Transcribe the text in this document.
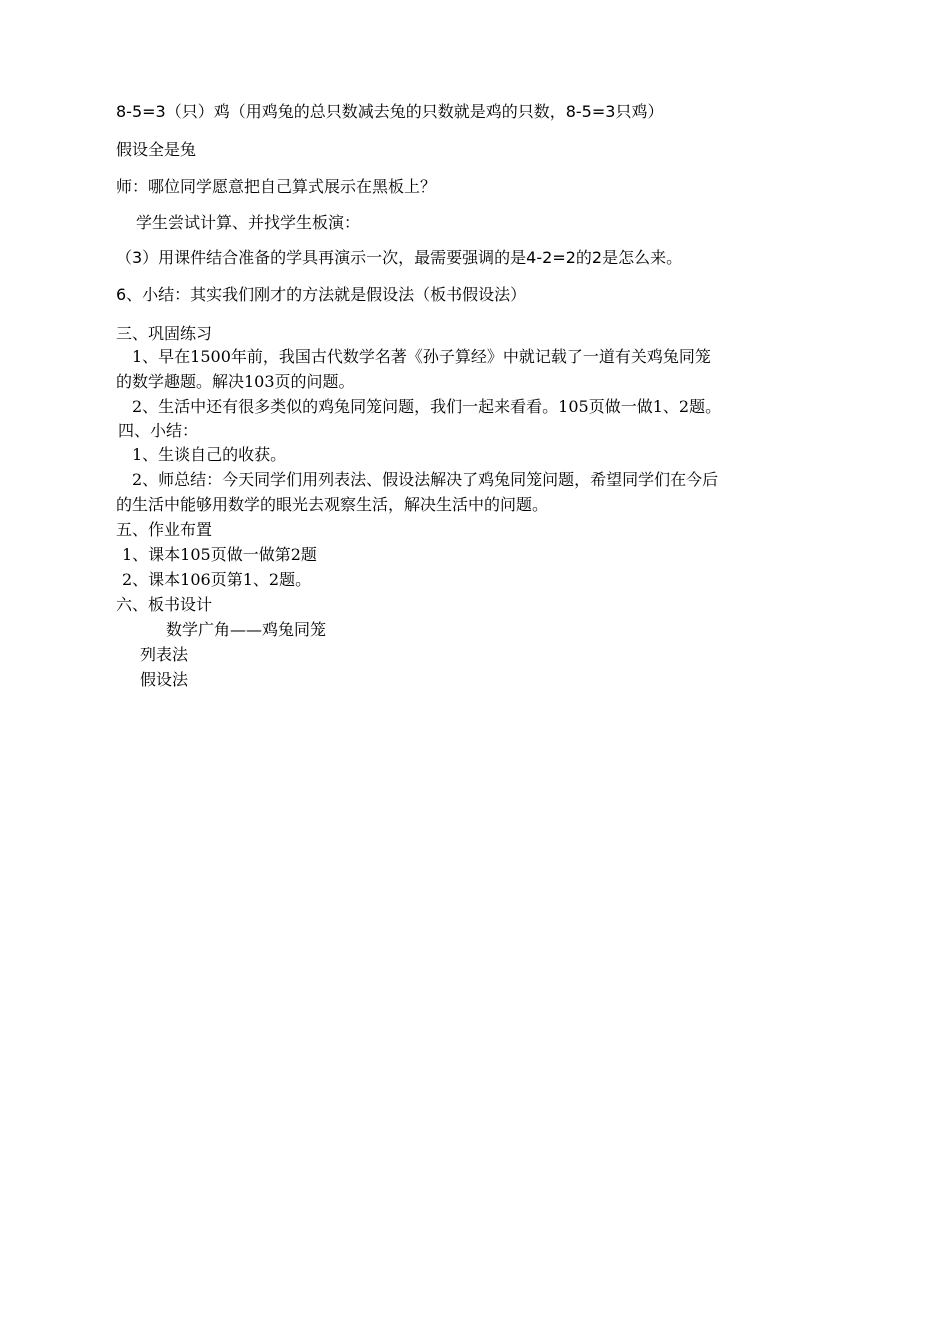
8-5=3（只）鸡（用鸡兔的总只数减去兔的只数就是鸡的只数，8-5=3只鸡）
假设全是兔
师：哪位同学愿意把自己算式展示在黑板上？
学生尝试计算、并找学生板演：
（3）用课件结合准备的学具再演示一次，最需要强调的是4-2=2的2是怎么来。
6、小结：其实我们刚才的方法就是假设法（板书假设法）
三、巩固练习
1、早在1500年前，我国古代数学名著《孙子算经》中就记载了一道有关鸡兔同笼
的数学趣题。解决103页的问题。
2、生活中还有很多类似的鸡兔同笼问题，我们一起来看看。105页做一做1、2题。
四、小结：
1、生谈自己的收获。
2、师总结：今天同学们用列表法、假设法解决了鸡兔同笼问题，希望同学们在今后
的生活中能够用数学的眼光去观察生活，解决生活中的问题。
五、作业布置
1、课本105页做一做第2题
2、课本106页第1、2题。
六、板书设计
数学广角——鸡兔同笼
列表法
假设法
